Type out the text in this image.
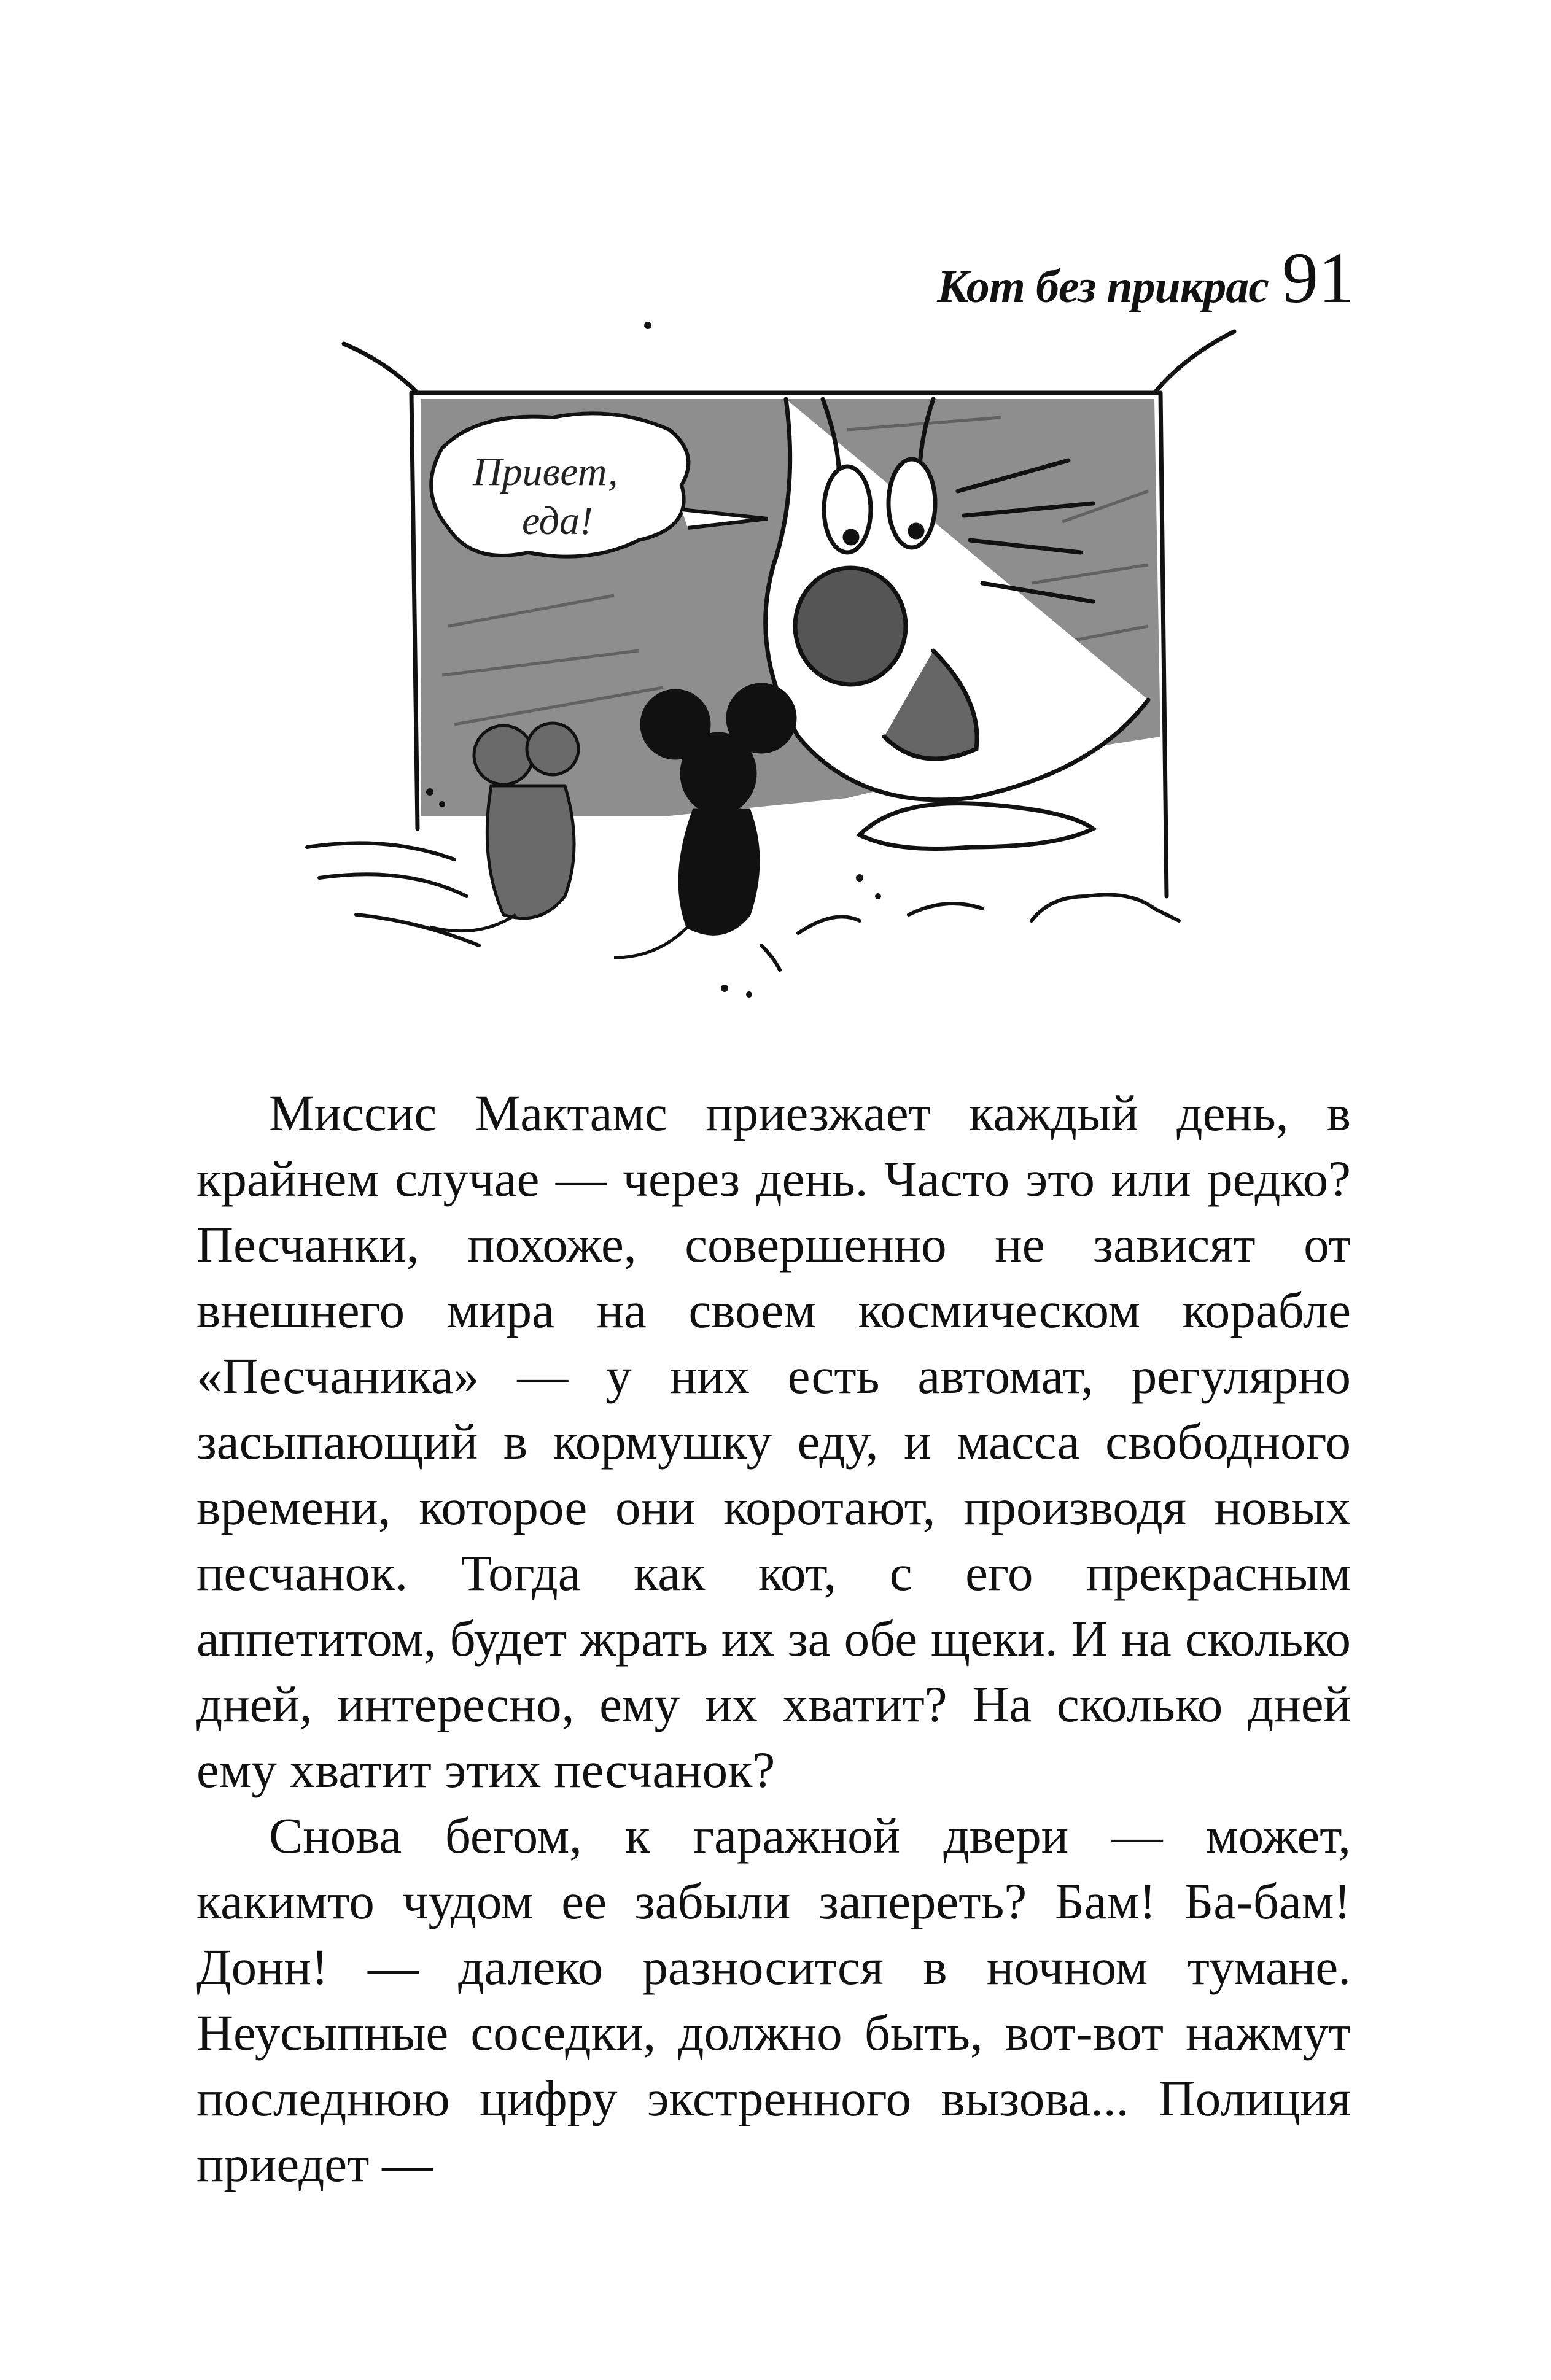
Кот без прикрас 91
Привет,
еда!

Миссис Мактамс приезжает каждый день, в крайнем случае — через день. Часто это или редко? Песчанки, похоже, совершенно не зависят от внешнего мира на своем космическом корабле «Песчаника» — у них есть автомат, регулярно засыпающий в кормушку еду, и масса свободного времени, которое они коротают, производя новых песчанок. Тогда как кот, с его прекрасным аппетитом, будет жрать их за обе щеки. И на сколько дней, интересно, ему их хватит? На сколько дней ему хватит этих песчанок?

Снова бегом, к гаражной двери — может, какимто чудом ее забыли запереть? Бам! Ба-бам! Донн! — далеко разносится в ночном тумане. Неусыпные соседки, должно быть, вот-вот нажмут последнюю цифру экстренного вызова... Полиция приедет —
